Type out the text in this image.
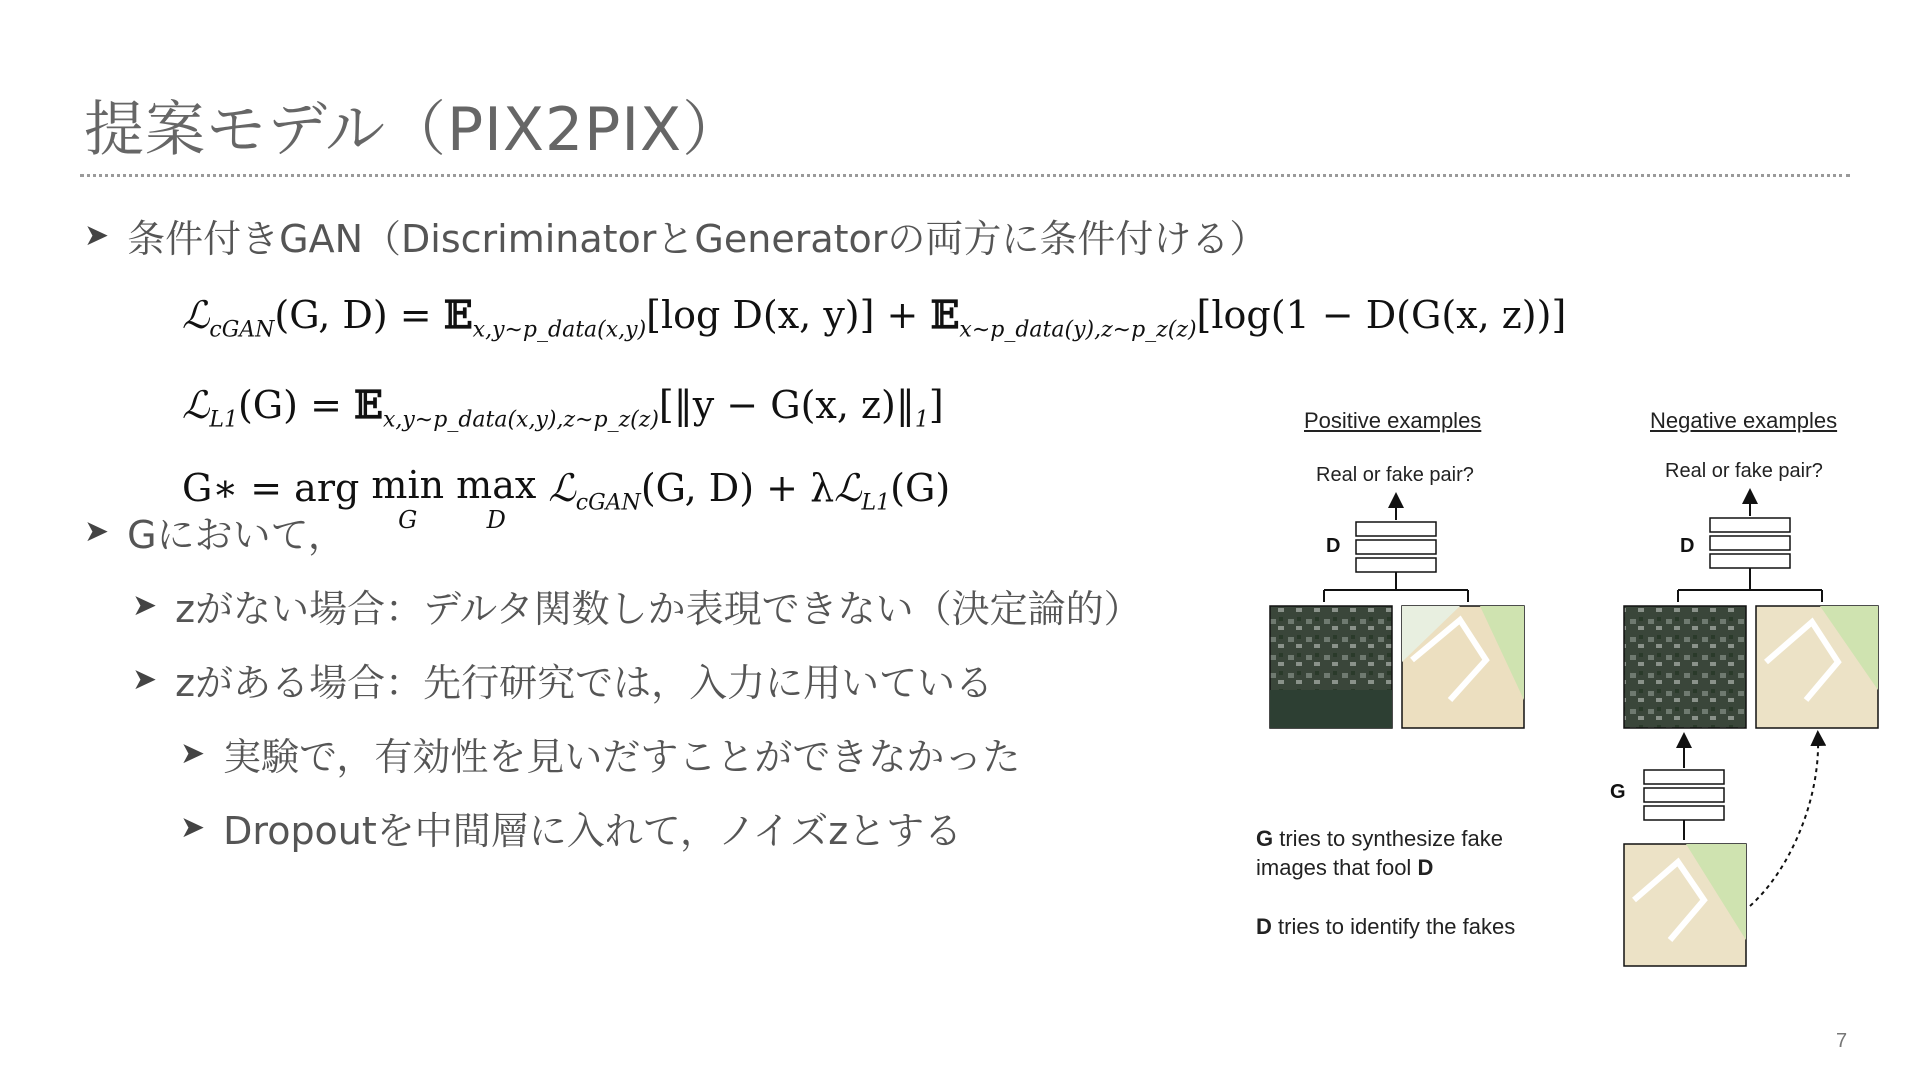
提案モデル（PIX2PIX）
➤ 条件付きGAN（DiscriminatorとGeneratorの両方に条件付ける）
ℒ$_{cGAN}$(G, D) = 𝔼$_{x,y\sim p\_data(x,y)}$[log D(x, y)] + 𝔼$_{x\sim p\_data(y),z\sim p\_z(z)}$[log(1 − D(G(x, z))]
ℒ$_{L1}$(G) = 𝔼$_{x,y\sim p\_data(x,y),z\sim p\_z(z)}$[‖y − G(x, $z)‖_1$]
G∗ = arg min
G

max
D
ℒ$_{cGAN}$(G, D) + λℒ$_{L1}$(G)
➤ Gにおいて，
➤ zがない場合：デルタ関数しか表現できない（決定論的）
➤ zがある場合：先行研究では，入力に用いている
➤ 実験で，有効性を見いだすことができなかった
➤ Dropoutを中間層に入れて，ノイズzとする
Positive examples	Negative examples
Real or fake pair?	Real or fake pair?
D	D
G
G tries to synthesize fake
images that fool D
D tries to identify the fakes
7
